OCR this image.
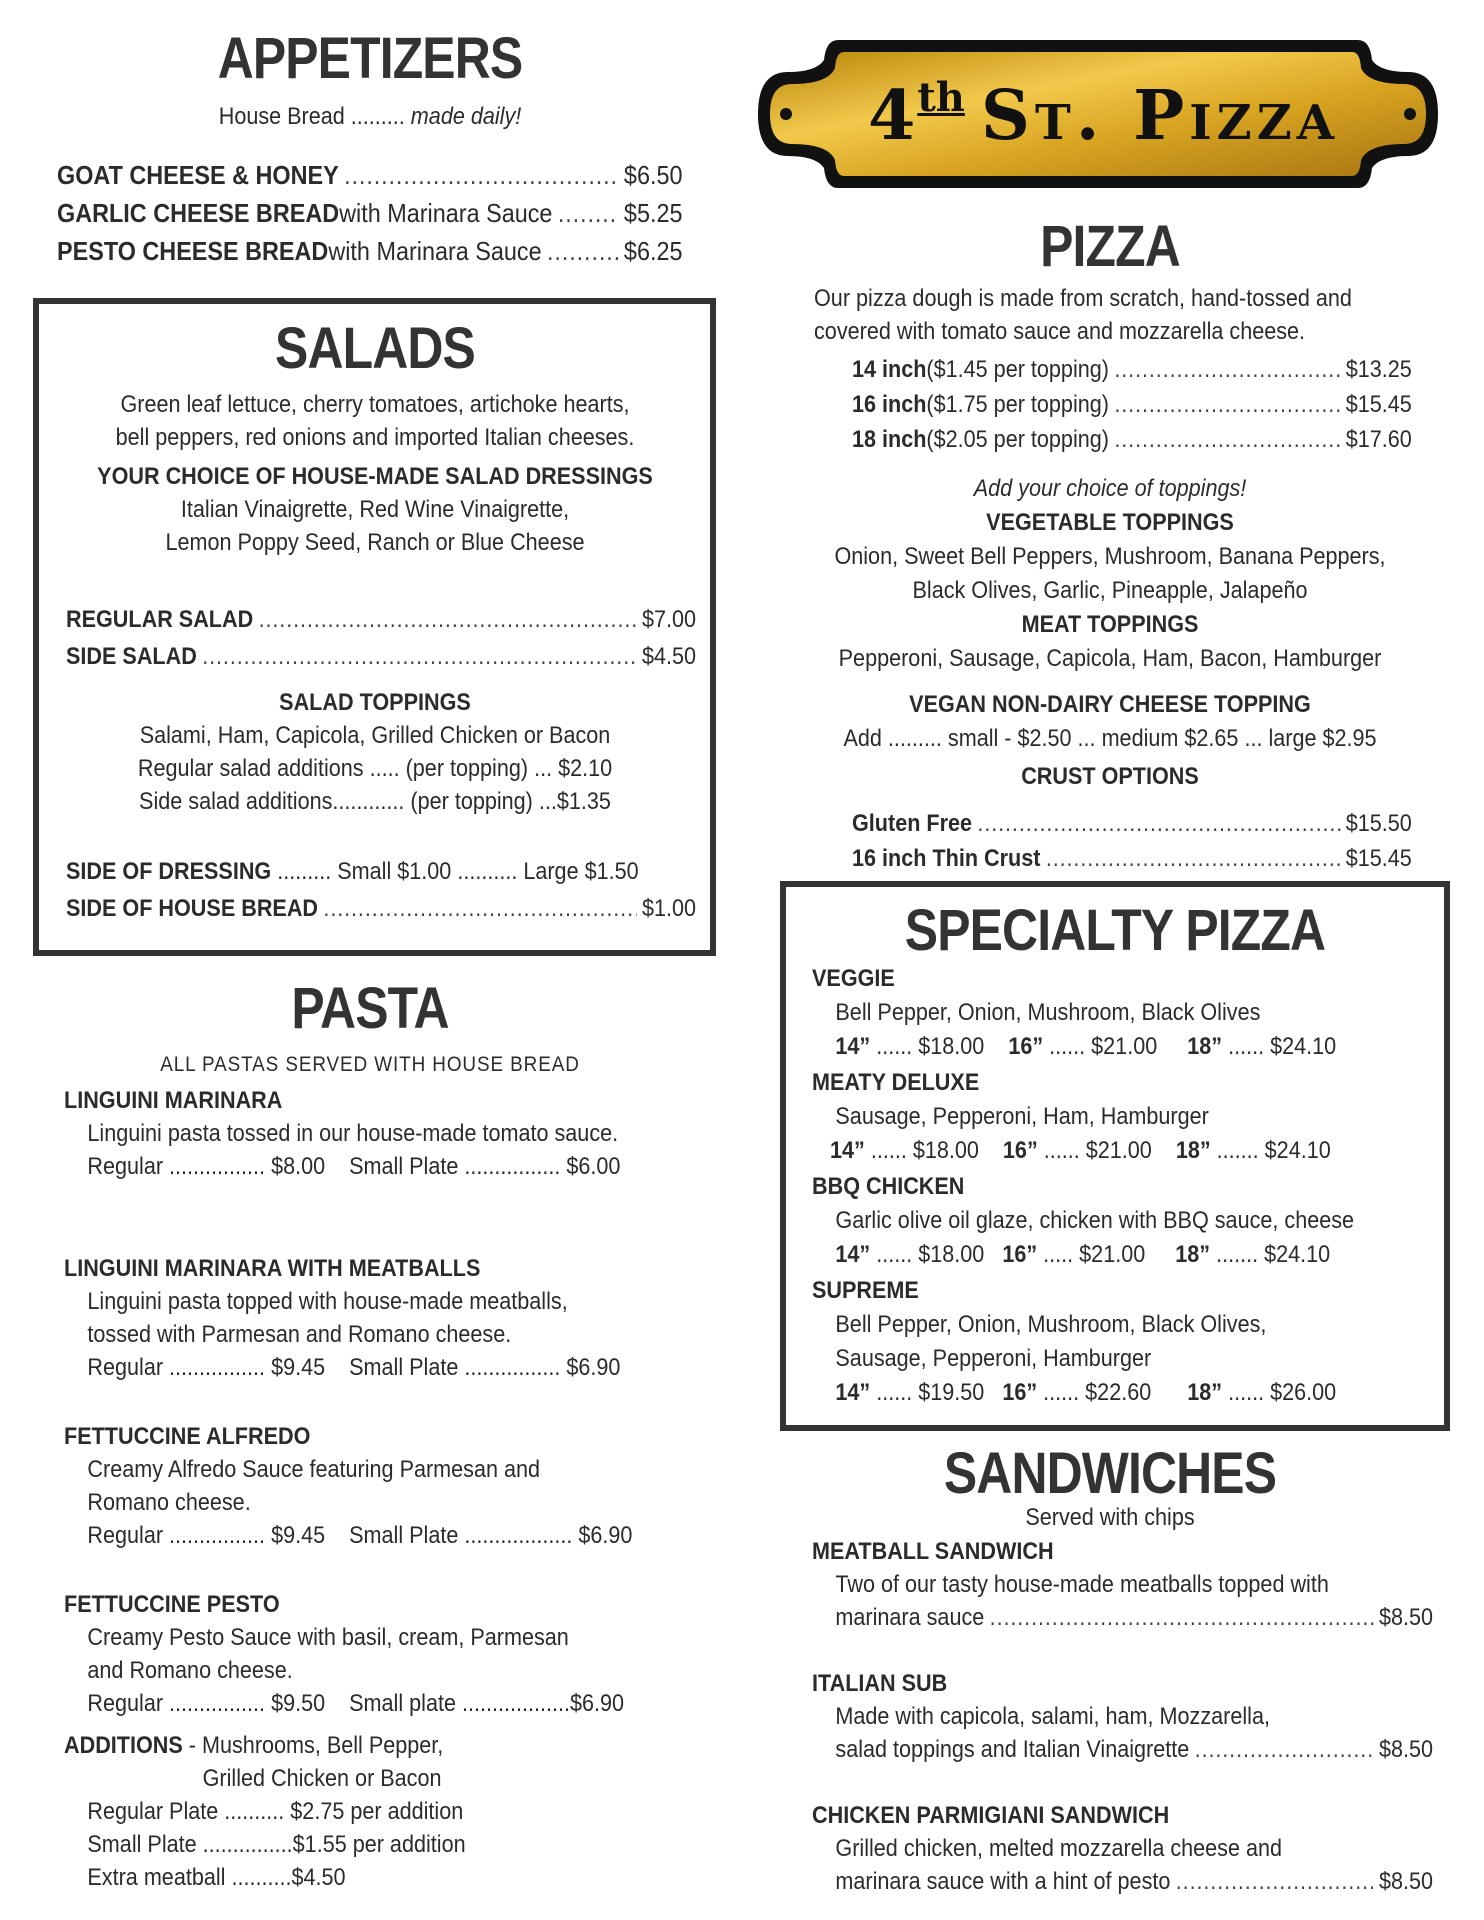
APPETIZERS
House Bread ......... made daily!
GOAT CHEESE & HONEY .....	$6.50
GARLIC CHEESE BREAD with Marinara Sauce .....	$5.25
PESTO CHEESE BREAD with Marinara Sauce .....	$6.25
SALADS
Green leaf lettuce, cherry tomatoes, artichoke hearts,
bell peppers, red onions and imported Italian cheeses.
YOUR CHOICE OF HOUSE-MADE SALAD DRESSINGS
Italian Vinaigrette, Red Wine Vinaigrette,
Lemon Poppy Seed, Ranch or Blue Cheese
REGULAR SALAD .....	$7.00
SIDE SALAD .....	$4.50
SALAD TOPPINGS
Salami, Ham, Capicola, Grilled Chicken or Bacon
Regular salad additions ..... (per topping) ... $2.10
Side salad additions............ (per topping) ...$1.35
SIDE OF DRESSING ......... Small $1.00 .......... Large $1.50
SIDE OF HOUSE BREAD .....	$1.00
PASTA
ALL PASTAS SERVED WITH HOUSE BREAD
LINGUINI MARINARA
Linguini pasta tossed in our house-made tomato sauce.
Regular ................ $8.00    Small Plate ................ $6.00
LINGUINI MARINARA WITH MEATBALLS
Linguini pasta topped with house-made meatballs,
tossed with Parmesan and Romano cheese.
Regular ................ $9.45    Small Plate ................ $6.90
FETTUCCINE ALFREDO
Creamy Alfredo Sauce featuring Parmesan and
Romano cheese.
Regular ................ $9.45    Small Plate .................. $6.90
FETTUCCINE PESTO
Creamy Pesto Sauce with basil, cream, Parmesan
and Romano cheese.
Regular ................ $9.50    Small plate ..................$6.90
ADDITIONS - Mushrooms, Bell Pepper,
Grilled Chicken or Bacon
Regular Plate .......... $2.75 per addition
Small Plate ...............$1.55 per addition
Extra meatball ..........$4.50
4th St. Pizza
PIZZA
Our pizza dough is made from scratch, hand-tossed and
covered with tomato sauce and mozzarella cheese.
14 inch ($1.45 per topping) .....	$13.25
16 inch ($1.75 per topping) .....	$15.45
18 inch ($2.05 per topping) .....	$17.60
Add your choice of toppings!
VEGETABLE TOPPINGS
Onion, Sweet Bell Peppers, Mushroom, Banana Peppers,
Black Olives, Garlic, Pineapple, Jalapeño
MEAT TOPPINGS
Pepperoni, Sausage, Capicola, Ham, Bacon, Hamburger
VEGAN NON-DAIRY CHEESE TOPPING
Add ......... small - $2.50 ... medium $2.65 ... large $2.95
CRUST OPTIONS
Gluten Free .....	$15.50
16 inch Thin Crust .....	$15.45
SPECIALTY PIZZA
VEGGIE
Bell Pepper, Onion, Mushroom, Black Olives
14” ...... $18.00 16” ...... $21.00 18” ...... $24.10
MEATY DELUXE
Sausage, Pepperoni, Ham, Hamburger
14” ...... $18.00 16” ...... $21.00 18” ....... $24.10
BBQ CHICKEN
Garlic olive oil glaze, chicken with BBQ sauce, cheese
14” ...... $18.00 16” ..... $21.00 18” ....... $24.10
SUPREME
Bell Pepper, Onion, Mushroom, Black Olives,
Sausage, Pepperoni, Hamburger
14” ...... $19.50 16” ...... $22.60 18” ...... $26.00
SANDWICHES
Served with chips
MEATBALL SANDWICH
Two of our tasty house-made meatballs topped with
marinara sauce .....	$8.50
ITALIAN SUB
Made with capicola, salami, ham, Mozzarella,
salad toppings and Italian Vinaigrette .....	$8.50
CHICKEN PARMIGIANI SANDWICH
Grilled chicken, melted mozzarella cheese and
marinara sauce with a hint of pesto .....	$8.50
